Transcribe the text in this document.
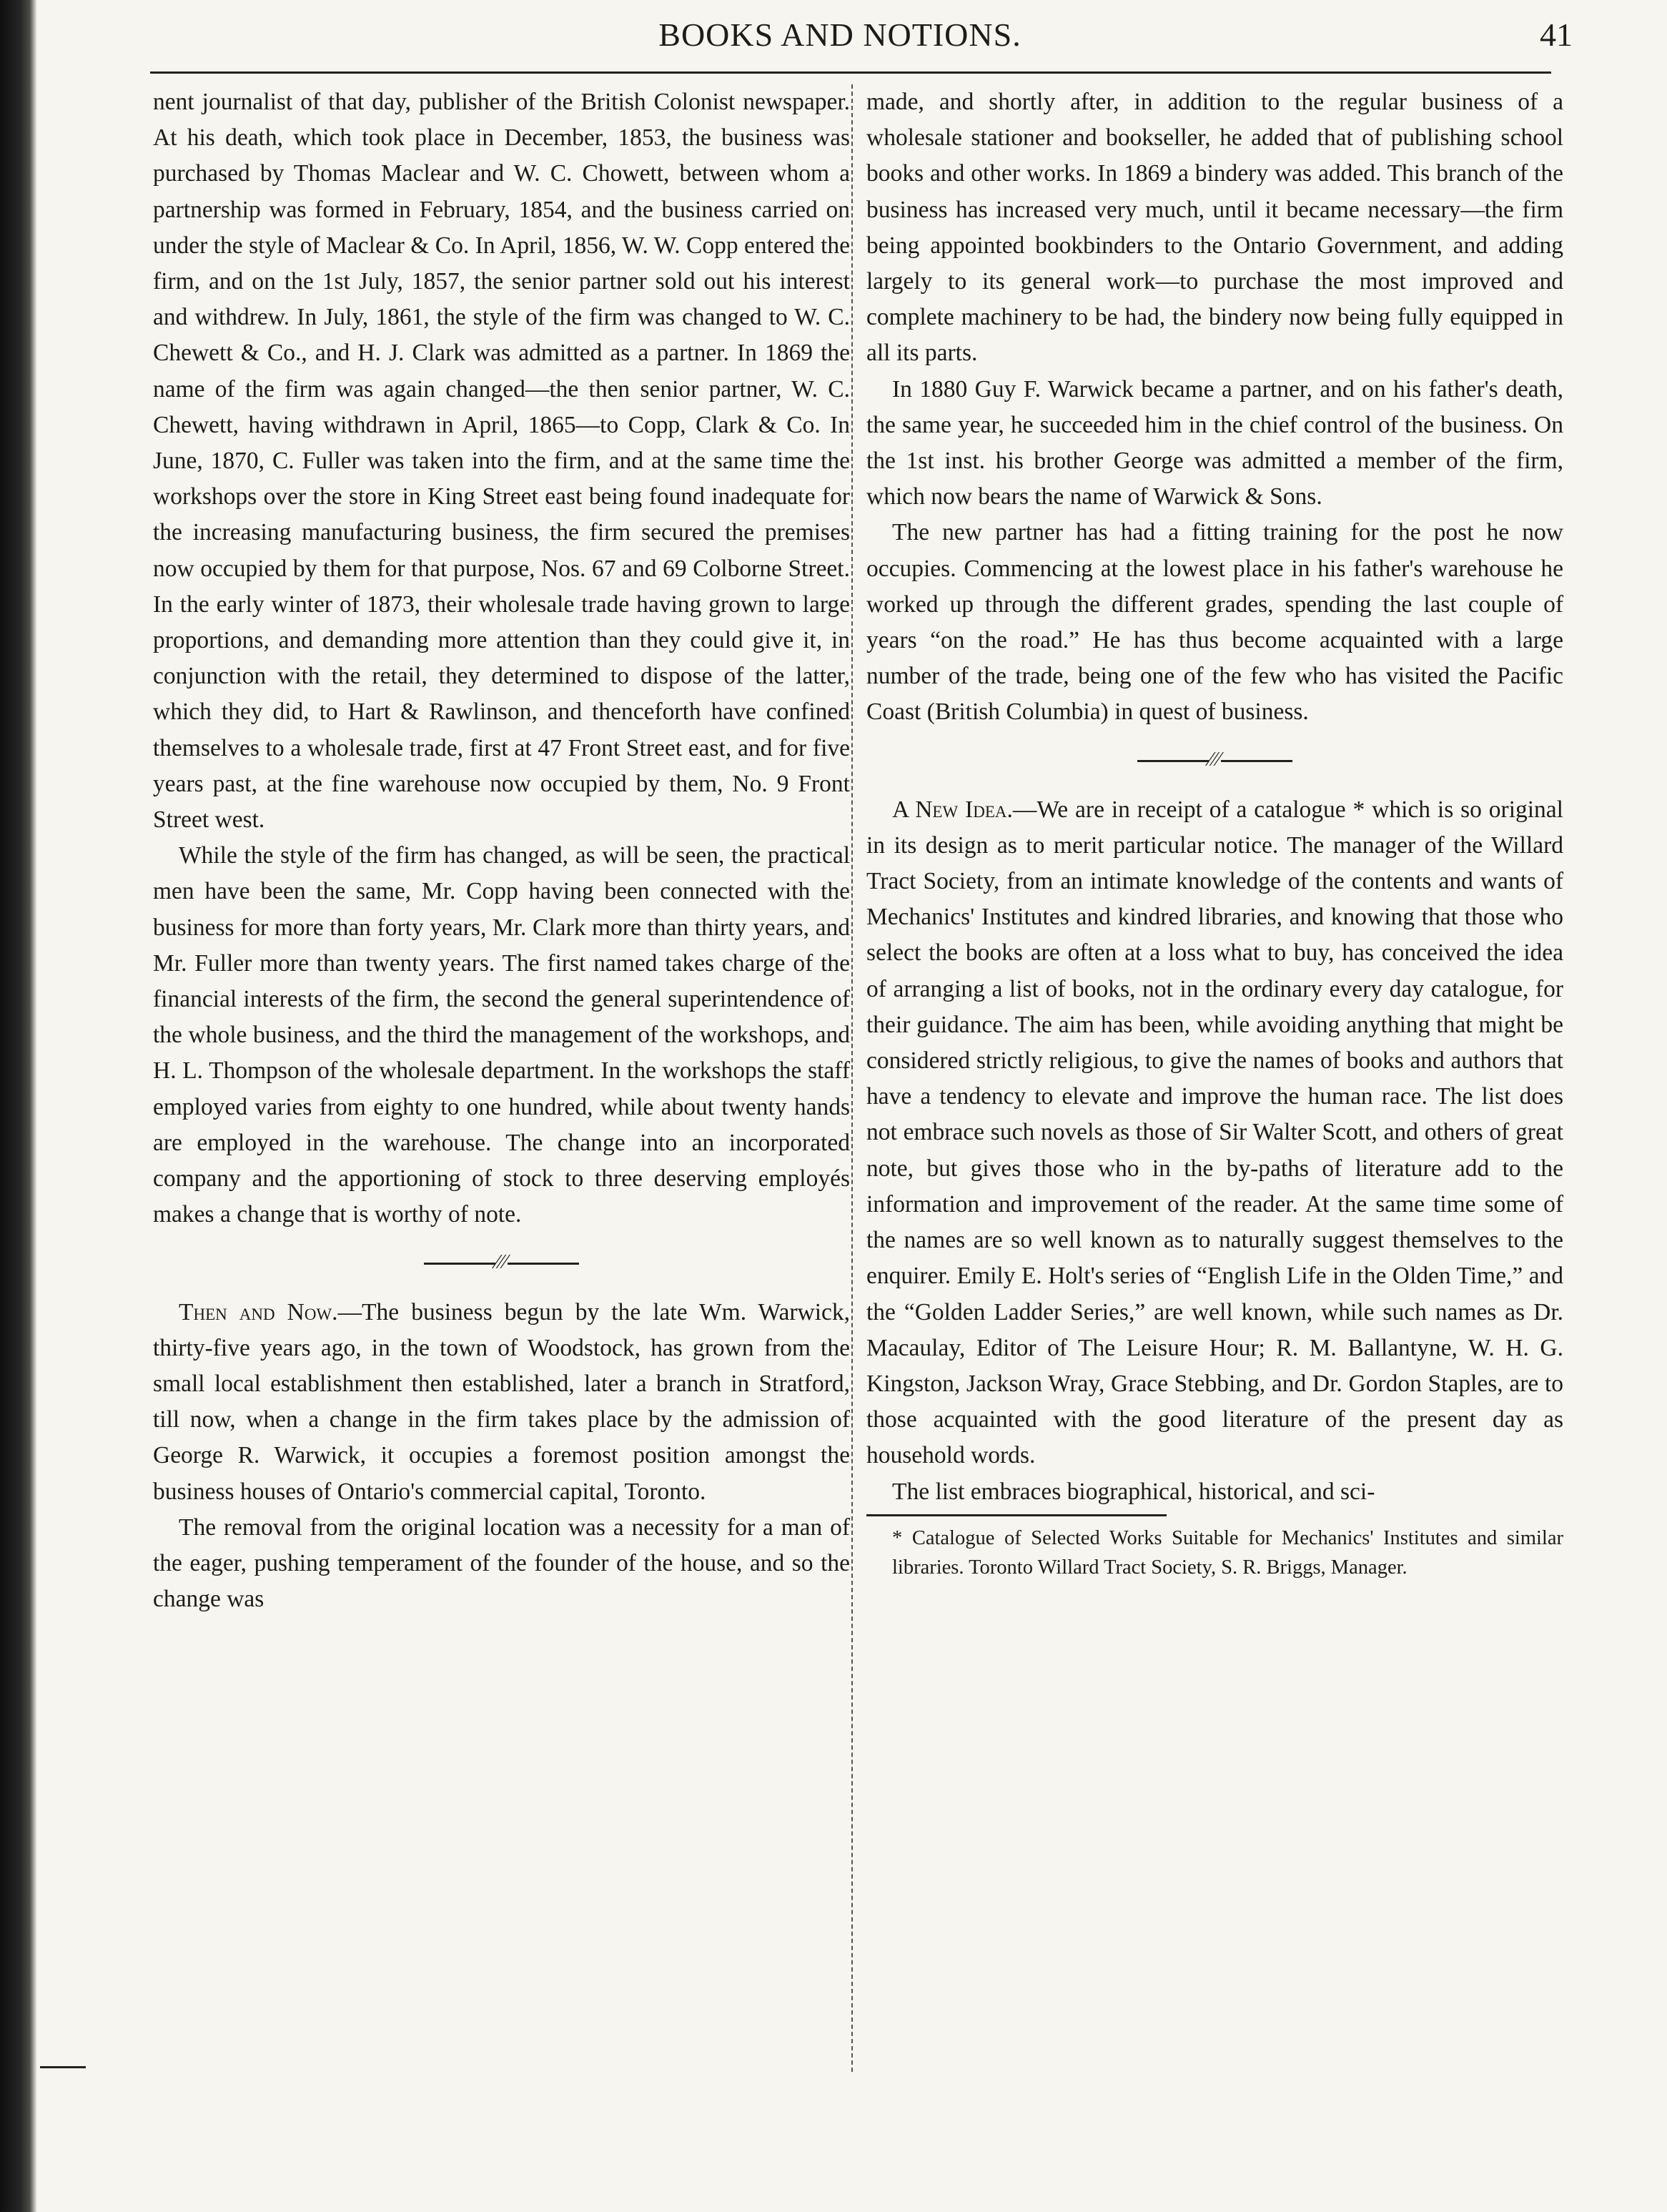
BOOKS AND NOTIONS.	41

nent journalist of that day, publisher of the British Colonist newspaper. At his death, which took place in December, 1853, the business was purchased by Thomas Maclear and W. C. Chowett, between whom a partnership was formed in February, 1854, and the business carried on under the style of Maclear & Co. In April, 1856, W. W. Copp entered the firm, and on the 1st July, 1857, the senior partner sold out his interest and withdrew. In July, 1861, the style of the firm was changed to W. C. Chewett & Co., and H. J. Clark was admitted as a partner. In 1869 the name of the firm was again changed—the then senior partner, W. C. Chewett, having withdrawn in April, 1865—to Copp, Clark & Co. In June, 1870, C. Fuller was taken into the firm, and at the same time the workshops over the store in King Street east being found inadequate for the increasing manufacturing business, the firm secured the premises now occupied by them for that purpose, Nos. 67 and 69 Colborne Street. In the early winter of 1873, their wholesale trade having grown to large proportions, and demanding more attention than they could give it, in conjunction with the retail, they determined to dispose of the latter, which they did, to Hart & Rawlinson, and thenceforth have confined themselves to a wholesale trade, first at 47 Front Street east, and for five years past, at the fine warehouse now occupied by them, No. 9 Front Street west.

While the style of the firm has changed, as will be seen, the practical men have been the same, Mr. Copp having been connected with the business for more than forty years, Mr. Clark more than thirty years, and Mr. Fuller more than twenty years. The first named takes charge of the financial interests of the firm, the second the general superintendence of the whole business, and the third the management of the workshops, and H. L. Thompson of the wholesale department. In the workshops the staff employed varies from eighty to one hundred, while about twenty hands are employed in the warehouse. The change into an incorporated company and the apportioning of stock to three deserving employés makes a change that is worthy of note.

⁄⁄⁄

Then and Now.—The business begun by the late Wm. Warwick, thirty-five years ago, in the town of Woodstock, has grown from the small local establishment then established, later a branch in Stratford, till now, when a change in the firm takes place by the admission of George R. Warwick, it occupies a foremost position amongst the business houses of Ontario's commercial capital, Toronto.

The removal from the original location was a necessity for a man of the eager, pushing temperament of the founder of the house, and so the change was

made, and shortly after, in addition to the regular business of a wholesale stationer and bookseller, he added that of publishing school books and other works. In 1869 a bindery was added. This branch of the business has increased very much, until it became necessary—the firm being appointed bookbinders to the Ontario Government, and adding largely to its general work—to purchase the most improved and complete machinery to be had, the bindery now being fully equipped in all its parts.

In 1880 Guy F. Warwick became a partner, and on his father's death, the same year, he succeeded him in the chief control of the business. On the 1st inst. his brother George was admitted a member of the firm, which now bears the name of Warwick & Sons.

The new partner has had a fitting training for the post he now occupies. Commencing at the lowest place in his father's warehouse he worked up through the different grades, spending the last couple of years “on the road.” He has thus become acquainted with a large number of the trade, being one of the few who has visited the Pacific Coast (British Columbia) in quest of business.

⁄⁄⁄

A New Idea.—We are in receipt of a catalogue * which is so original in its design as to merit particular notice. The manager of the Willard Tract Society, from an intimate knowledge of the contents and wants of Mechanics' Institutes and kindred libraries, and knowing that those who select the books are often at a loss what to buy, has conceived the idea of arranging a list of books, not in the ordinary every day catalogue, for their guidance. The aim has been, while avoiding anything that might be considered strictly religious, to give the names of books and authors that have a tendency to elevate and improve the human race. The list does not embrace such novels as those of Sir Walter Scott, and others of great note, but gives those who in the by-paths of literature add to the information and improvement of the reader. At the same time some of the names are so well known as to naturally suggest themselves to the enquirer. Emily E. Holt's series of “English Life in the Olden Time,” and the “Golden Ladder Series,” are well known, while such names as Dr. Macaulay, Editor of The Leisure Hour; R. M. Ballantyne, W. H. G. Kingston, Jackson Wray, Grace Stebbing, and Dr. Gordon Staples, are to those acquainted with the good literature of the present day as household words.

The list embraces biographical, historical, and sci-

* Catalogue of Selected Works Suitable for Mechanics' Institutes and similar libraries. Toronto Willard Tract Society, S. R. Briggs, Manager.
